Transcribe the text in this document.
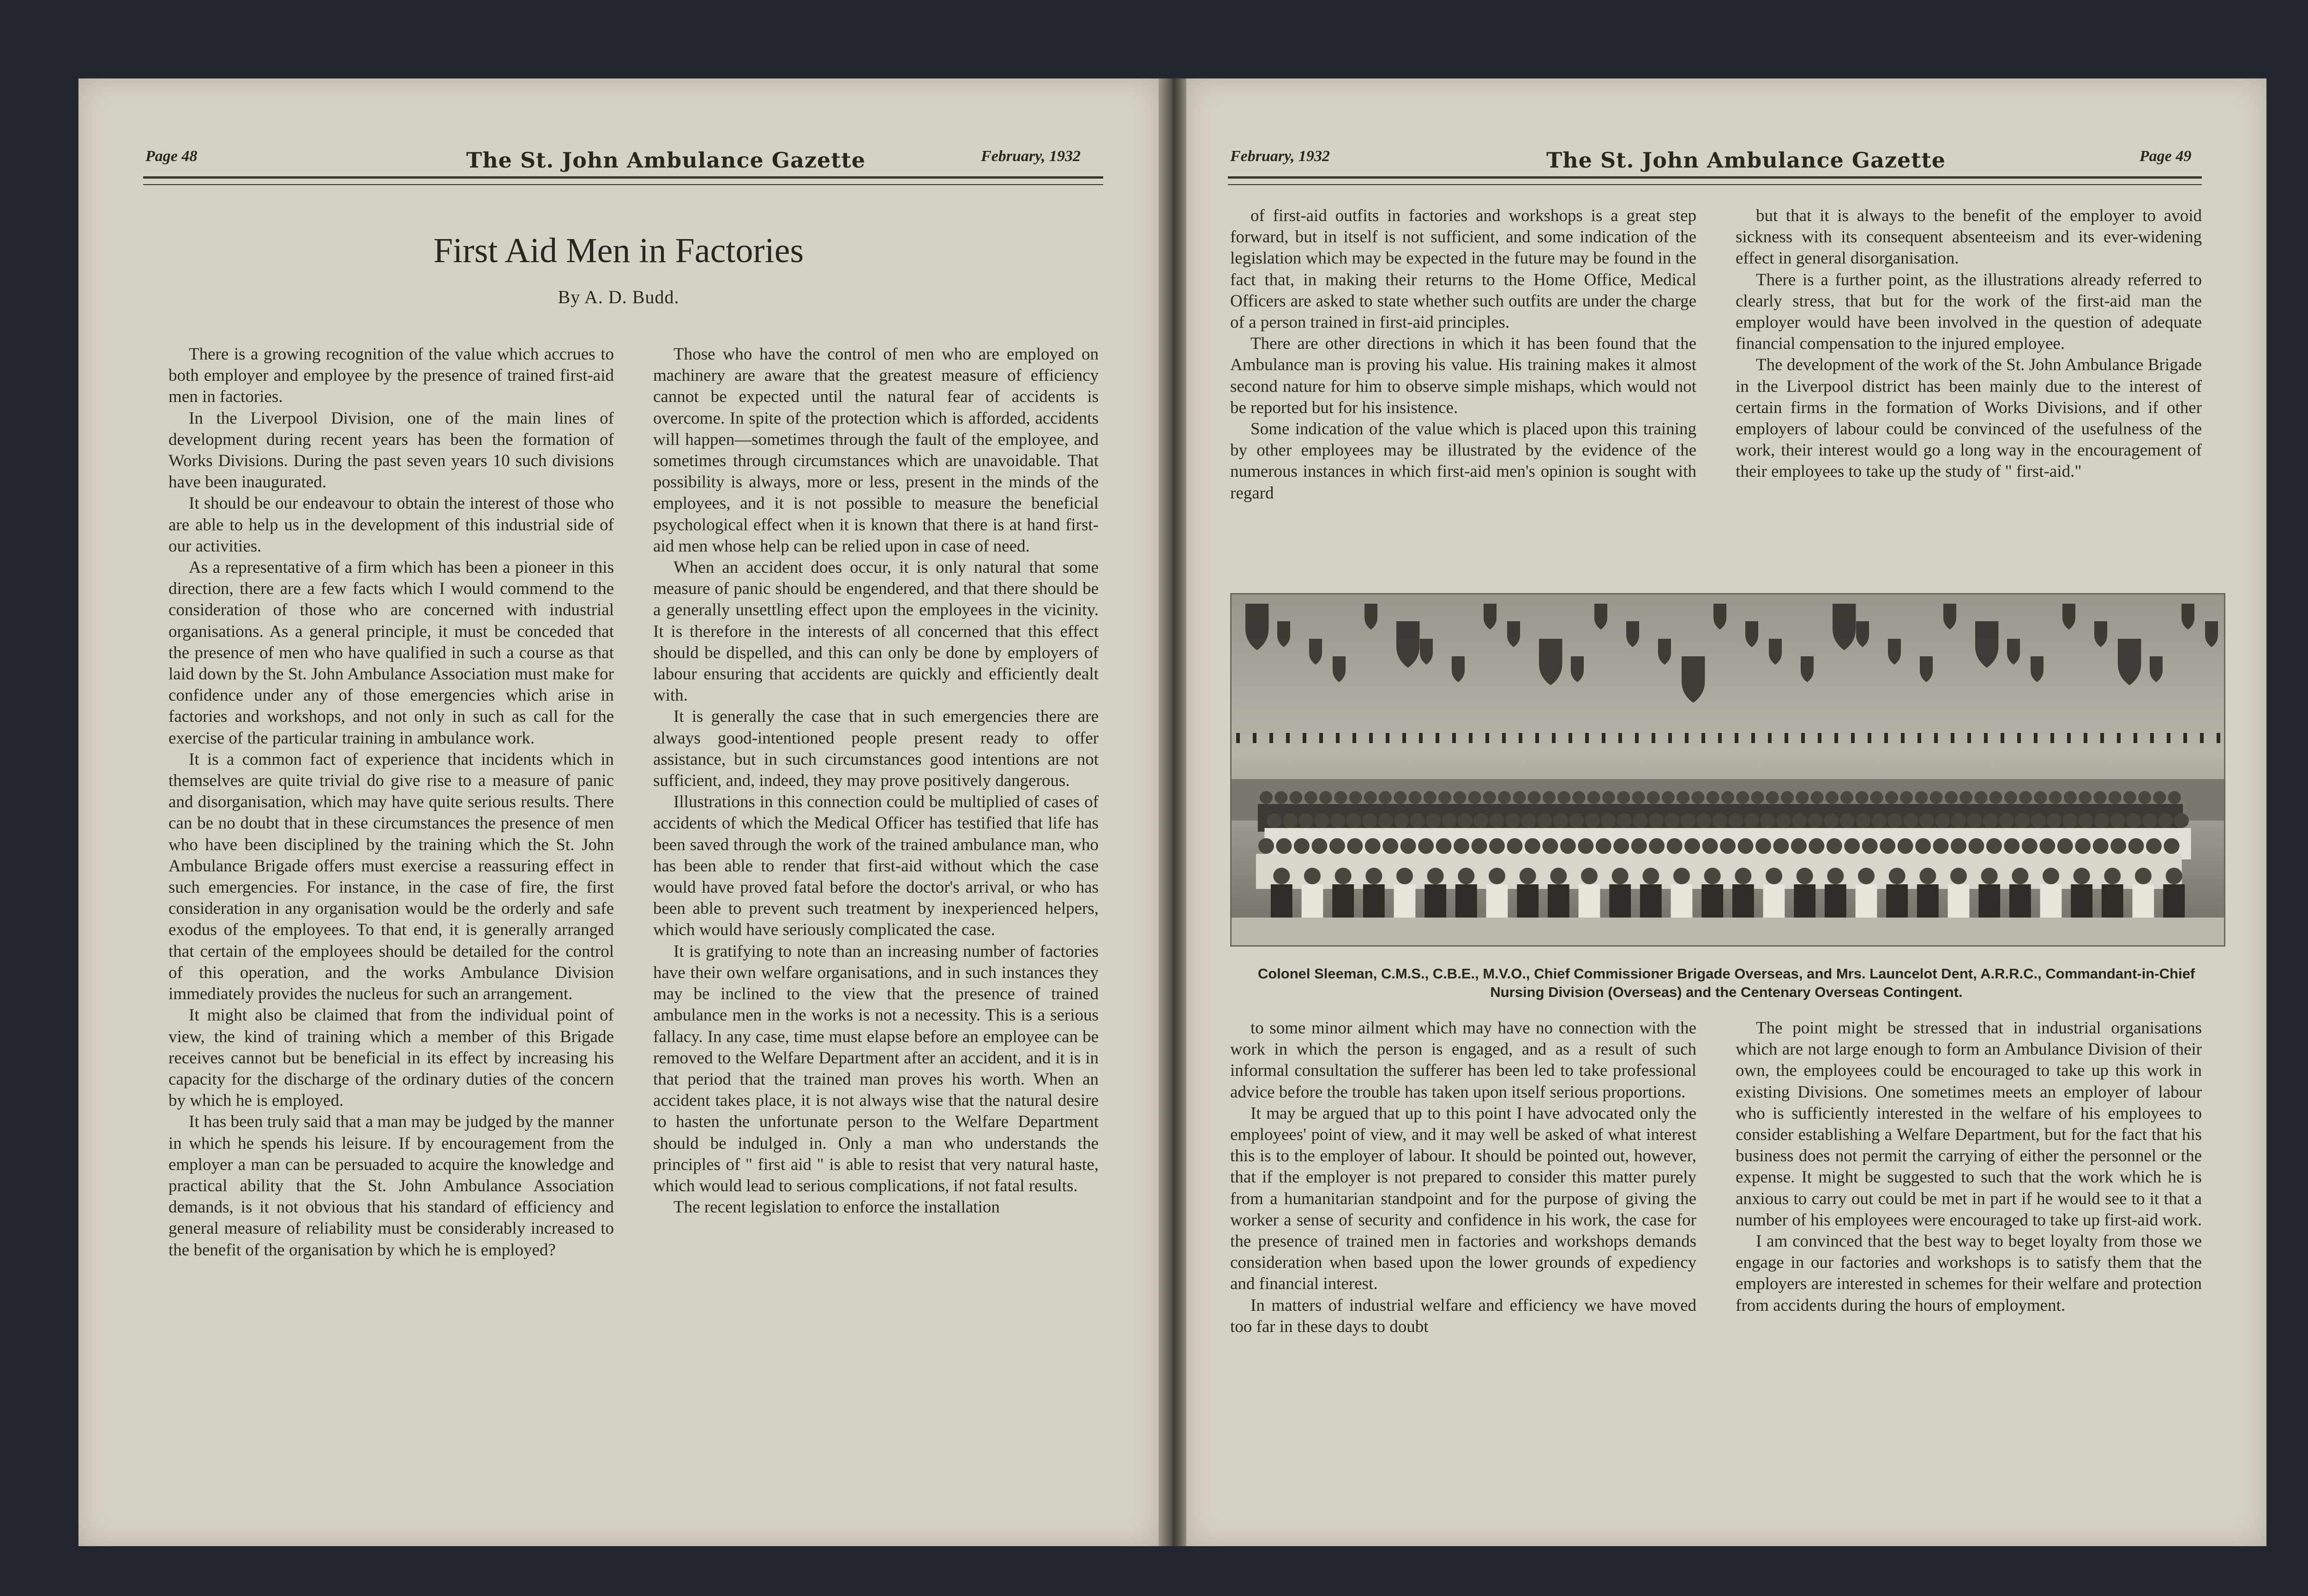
Page 48	The St. John Ambulance Gazette	February, 1932
First Aid Men in Factories
By A. D. Budd.

There is a growing recognition of the value which accrues to both employer and employee by the presence of trained first-aid men in factories.

In the Liverpool Division, one of the main lines of development during recent years has been the formation of Works Divisions. During the past seven years 10 such divisions have been inaugurated.

It should be our endeavour to obtain the interest of those who are able to help us in the development of this industrial side of our activities.

As a representative of a firm which has been a pioneer in this direction, there are a few facts which I would commend to the consideration of those who are concerned with industrial organisations. As a general principle, it must be conceded that the presence of men who have qualified in such a course as that laid down by the St. John Ambulance Association must make for confidence under any of those emergencies which arise in factories and workshops, and not only in such as call for the exercise of the particular training in ambulance work.

It is a common fact of experience that incidents which in themselves are quite trivial do give rise to a measure of panic and disorganisation, which may have quite serious results. There can be no doubt that in these circumstances the presence of men who have been disciplined by the training which the St. John Ambulance Brigade offers must exercise a reassuring effect in such emergencies. For instance, in the case of fire, the first consideration in any organisation would be the orderly and safe exodus of the employees. To that end, it is generally arranged that certain of the employees should be detailed for the control of this operation, and the works Ambulance Division immediately provides the nucleus for such an arrangement.

It might also be claimed that from the individual point of view, the kind of training which a member of this Brigade receives cannot but be beneficial in its effect by increasing his capacity for the discharge of the ordinary duties of the concern by which he is employed.

It has been truly said that a man may be judged by the manner in which he spends his leisure. If by encouragement from the employer a man can be persuaded to acquire the knowledge and practical ability that the St. John Ambulance Association demands, is it not obvious that his standard of efficiency and general measure of reliability must be considerably increased to the benefit of the organisation by which he is employed?

Those who have the control of men who are employed on machinery are aware that the greatest measure of efficiency cannot be expected until the natural fear of accidents is overcome. In spite of the protection which is afforded, accidents will happen—sometimes through the fault of the employee, and sometimes through circumstances which are unavoidable. That possibility is always, more or less, present in the minds of the employees, and it is not possible to measure the beneficial psychological effect when it is known that there is at hand first-aid men whose help can be relied upon in case of need.

When an accident does occur, it is only natural that some measure of panic should be engendered, and that there should be a generally unsettling effect upon the employees in the vicinity. It is therefore in the interests of all concerned that this effect should be dispelled, and this can only be done by employers of labour ensuring that accidents are quickly and efficiently dealt with.

It is generally the case that in such emergencies there are always good-intentioned people present ready to offer assistance, but in such circumstances good intentions are not sufficient, and, indeed, they may prove positively dangerous.

Illustrations in this connection could be multiplied of cases of accidents of which the Medical Officer has testified that life has been saved through the work of the trained ambulance man, who has been able to render that first-aid without which the case would have proved fatal before the doctor's arrival, or who has been able to prevent such treatment by inexperienced helpers, which would have seriously complicated the case.

It is gratifying to note than an increasing number of factories have their own welfare organisations, and in such instances they may be inclined to the view that the presence of trained ambulance men in the works is not a necessity. This is a serious fallacy. In any case, time must elapse before an employee can be removed to the Welfare Department after an accident, and it is in that period that the trained man proves his worth. When an accident takes place, it is not always wise that the natural desire to hasten the unfortunate person to the Welfare Department should be indulged in. Only a man who understands the principles of " first aid " is able to resist that very natural haste, which would lead to serious complications, if not fatal results.

The recent legislation to enforce the installation

February, 1932	The St. John Ambulance Gazette	Page 49

of first-aid outfits in factories and workshops is a great step forward, but in itself is not sufficient, and some indication of the legislation which may be expected in the future may be found in the fact that, in making their returns to the Home Office, Medical Officers are asked to state whether such outfits are under the charge of a person trained in first-aid principles.

There are other directions in which it has been found that the Ambulance man is proving his value. His training makes it almost second nature for him to observe simple mishaps, which would not be reported but for his insistence.

Some indication of the value which is placed upon this training by other employees may be illustrated by the evidence of the numerous instances in which first-aid men's opinion is sought with regard

but that it is always to the benefit of the employer to avoid sickness with its consequent absenteeism and its ever-widening effect in general disorganisation.

There is a further point, as the illustrations already referred to clearly stress, that but for the work of the first-aid man the employer would have been involved in the question of adequate financial compensation to the injured employee.

The development of the work of the St. John Ambulance Brigade in the Liverpool district has been mainly due to the interest of certain firms in the formation of Works Divisions, and if other employers of labour could be convinced of the usefulness of the work, their interest would go a long way in the encouragement of their employees to take up the study of " first-aid."

Colonel Sleeman, C.M.S., C.B.E., M.V.O., Chief Commissioner Brigade Overseas, and Mrs. Launcelot Dent, A.R.R.C., Commandant-in-Chief Nursing Division (Overseas) and the Centenary Overseas Contingent.

to some minor ailment which may have no connection with the work in which the person is engaged, and as a result of such informal consultation the sufferer has been led to take professional advice before the trouble has taken upon itself serious proportions.

It may be argued that up to this point I have advocated only the employees' point of view, and it may well be asked of what interest this is to the employer of labour. It should be pointed out, however, that if the employer is not prepared to consider this matter purely from a humanitarian standpoint and for the purpose of giving the worker a sense of security and confidence in his work, the case for the presence of trained men in factories and workshops demands consideration when based upon the lower grounds of expediency and financial interest.

In matters of industrial welfare and efficiency we have moved too far in these days to doubt

The point might be stressed that in industrial organisations which are not large enough to form an Ambulance Division of their own, the employees could be encouraged to take up this work in existing Divisions. One sometimes meets an employer of labour who is sufficiently interested in the welfare of his employees to consider establishing a Welfare Department, but for the fact that his business does not permit the carrying of either the personnel or the expense. It might be suggested to such that the work which he is anxious to carry out could be met in part if he would see to it that a number of his employees were encouraged to take up first-aid work.

I am convinced that the best way to beget loyalty from those we engage in our factories and workshops is to satisfy them that the employers are interested in schemes for their welfare and protection from accidents during the hours of employment.
